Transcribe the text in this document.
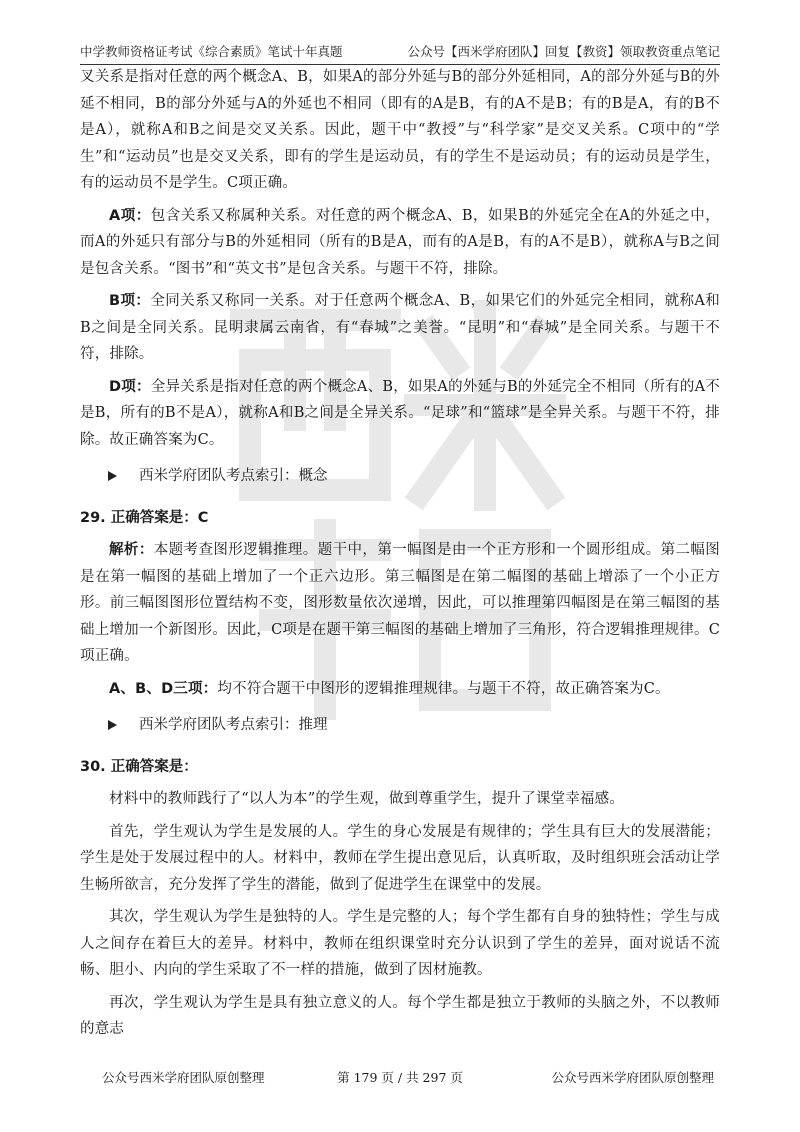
中学教师资格证考试《综合素质》笔试十年真题	公众号【西米学府团队】回复【教资】领取教资重点笔记

叉关系是指对任意的两个概念A、B，如果A的部分外延与B的部分外延相同，A的部分外延与B的外延不相同，B的部分外延与A的外延也不相同（即有的A是B，有的A不是B；有的B是A，有的B不是A），就称A和B之间是交叉关系。因此，题干中“教授”与“科学家”是交叉关系。C项中的“学生”和“运动员”也是交叉关系，即有的学生是运动员，有的学生不是运动员；有的运动员是学生，有的运动员不是学生。C项正确。

A项：包含关系又称属种关系。对任意的两个概念A、B，如果B的外延完全在A的外延之中，而A的外延只有部分与B的外延相同（所有的B是A，而有的A是B，有的A不是B），就称A与B之间是包含关系。“图书”和“英文书”是包含关系。与题干不符，排除。

B项：全同关系又称同一关系。对于任意两个概念A、B，如果它们的外延完全相同，就称A和B之间是全同关系。昆明隶属云南省，有“春城”之美誉。“昆明”和“春城”是全同关系。与题干不符，排除。

D项：全异关系是指对任意的两个概念A、B，如果A的外延与B的外延完全不相同（所有的A不是B，所有的B不是A），就称A和B之间是全异关系。“足球”和“篮球”是全异关系。与题干不符，排除。故正确答案为C。

西米学府团队考点索引：概念
29. 正确答案是：C

解析：本题考查图形逻辑推理。题干中，第一幅图是由一个正方形和一个圆形组成。第二幅图是在第一幅图的基础上增加了一个正六边形。第三幅图是在第二幅图的基础上增添了一个小正方形。前三幅图图形位置结构不变，图形数量依次递增，因此，可以推理第四幅图是在第三幅图的基础上增加一个新图形。因此，C项是在题干第三幅图的基础上增加了三角形，符合逻辑推理规律。C项正确。

A、B、D三项：均不符合题干中图形的逻辑推理规律。与题干不符，故正确答案为C。

西米学府团队考点索引：推理
30. 正确答案是：

材料中的教师践行了“以人为本”的学生观，做到尊重学生，提升了课堂幸福感。

首先，学生观认为学生是发展的人。学生的身心发展是有规律的；学生具有巨大的发展潜能；学生是处于发展过程中的人。材料中，教师在学生提出意见后，认真听取，及时组织班会活动让学生畅所欲言，充分发挥了学生的潜能，做到了促进学生在课堂中的发展。

其次，学生观认为学生是独特的人。学生是完整的人；每个学生都有自身的独特性；学生与成人之间存在着巨大的差异。材料中，教师在组织课堂时充分认识到了学生的差异，面对说话不流畅、胆小、内向的学生采取了不一样的措施，做到了因材施教。

再次，学生观认为学生是具有独立意义的人。每个学生都是独立于教师的头脑之外，不以教师的意志

公众号西米学府团队原创整理	第 179 页 / 共 297 页	公众号西米学府团队原创整理
